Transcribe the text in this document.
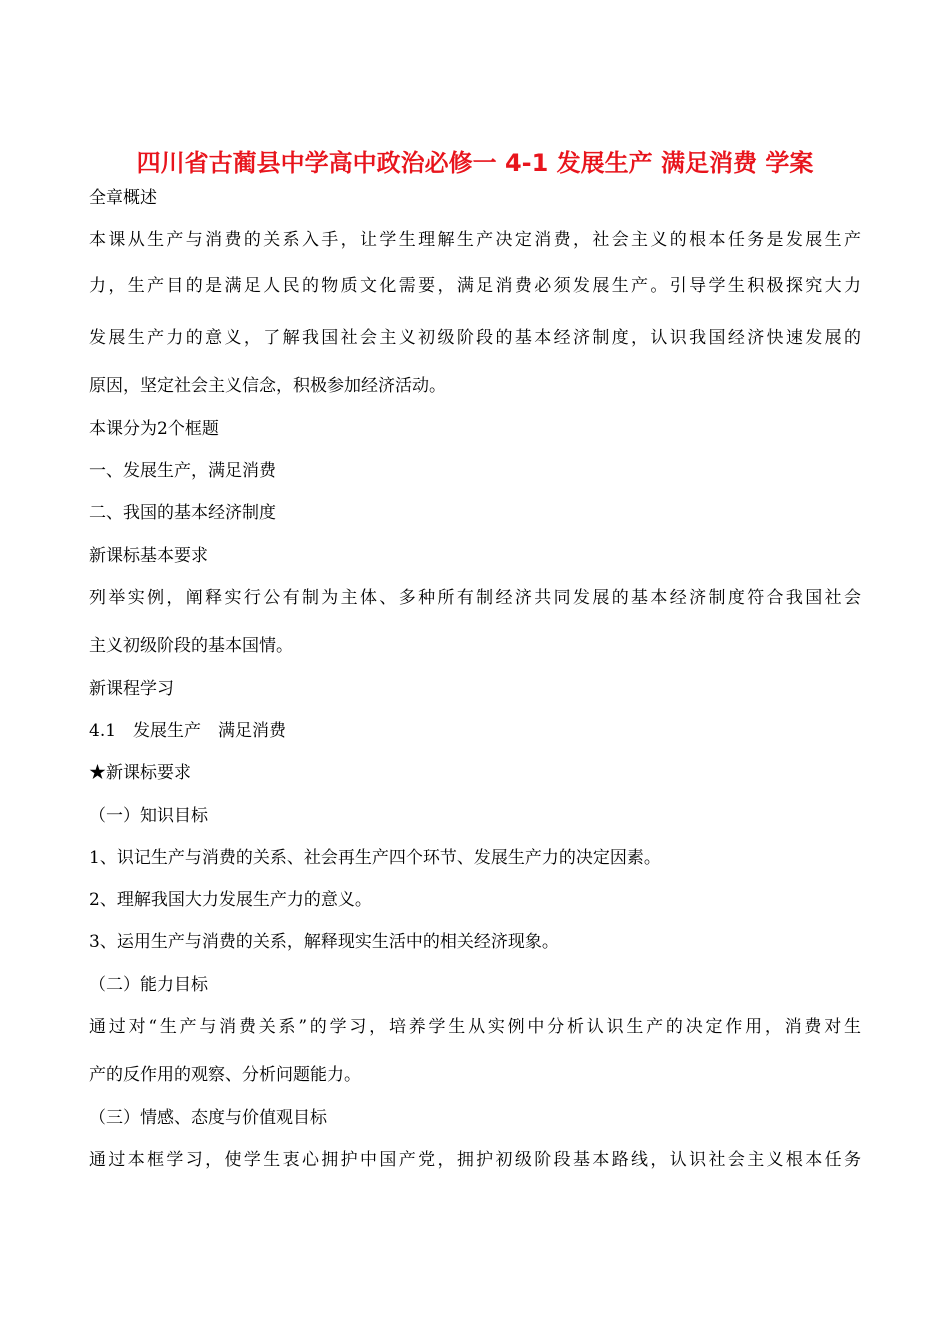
四川省古蔺县中学高中政治必修一 4-1 发展生产 满足消费 学案
全章概述
本课从生产与消费的关系入手，让学生理解生产决定消费，社会主义的根本任务是发展生产
力，生产目的是满足人民的物质文化需要，满足消费必须发展生产。引导学生积极探究大力
发展生产力的意义，了解我国社会主义初级阶段的基本经济制度，认识我国经济快速发展的
原因，坚定社会主义信念，积极参加经济活动。
本课分为2个框题
一、发展生产，满足消费
二、我国的基本经济制度
新课标基本要求
列举实例，阐释实行公有制为主体、多种所有制经济共同发展的基本经济制度符合我国社会
主义初级阶段的基本国情。
新课程学习
4.1　发展生产　满足消费
★新课标要求
（一）知识目标
1、识记生产与消费的关系、社会再生产四个环节、发展生产力的决定因素。
2、理解我国大力发展生产力的意义。
3、运用生产与消费的关系，解释现实生活中的相关经济现象。
（二）能力目标
通过对“生产与消费关系”的学习，培养学生从实例中分析认识生产的决定作用，消费对生
产的反作用的观察、分析问题能力。
（三）情感、态度与价值观目标
通过本框学习，使学生衷心拥护中国产党，拥护初级阶段基本路线，认识社会主义根本任务
